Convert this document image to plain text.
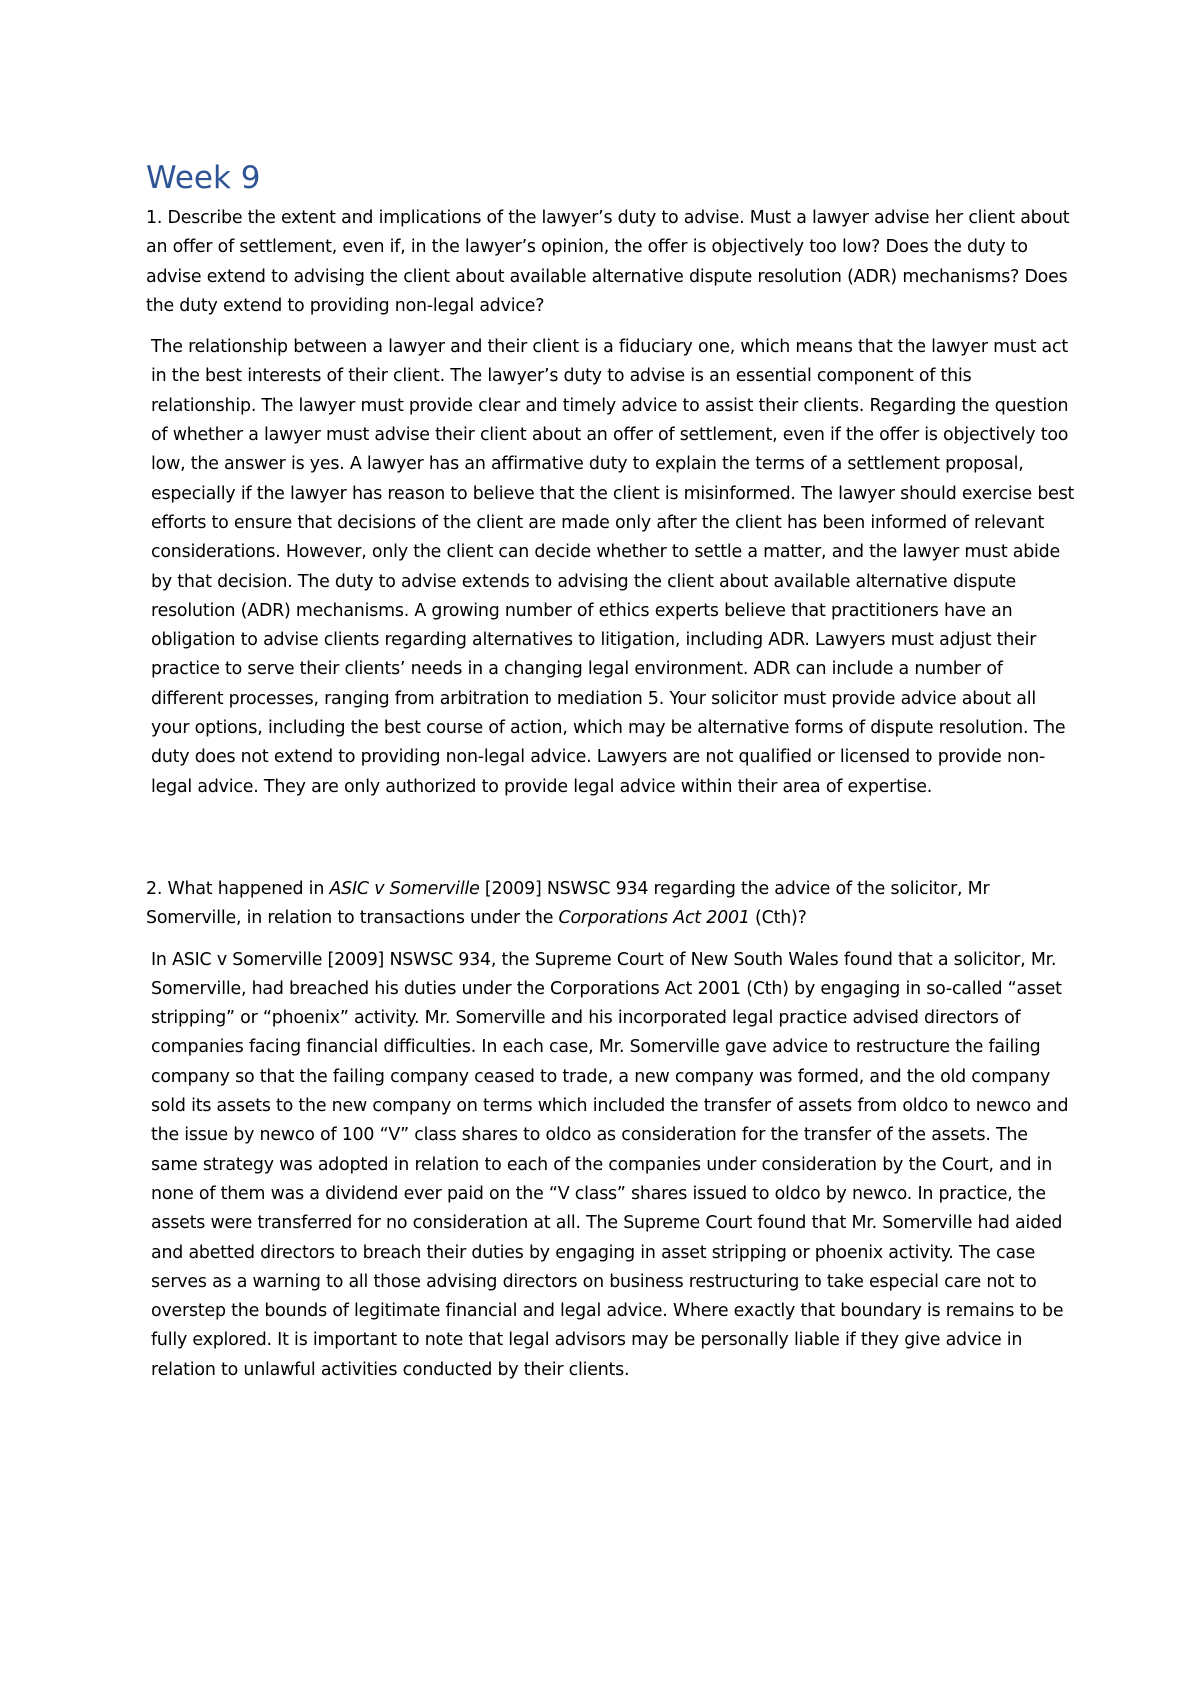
Week 9

1. Describe the extent and implications of the lawyer’s duty to advise. Must a lawyer advise her client about an offer of settlement, even if, in the lawyer’s opinion, the offer is objectively too low? Does the duty to advise extend to advising the client about available alternative dispute resolution (ADR) mechanisms? Does the duty extend to providing non-legal advice?

The relationship between a lawyer and their client is a fiduciary one, which means that the lawyer must act in the best interests of their client. The lawyer’s duty to advise is an essential component of this relationship. The lawyer must provide clear and timely advice to assist their clients. Regarding the question of whether a lawyer must advise their client about an offer of settlement, even if the offer is objectively too low, the answer is yes. A lawyer has an affirmative duty to explain the terms of a settlement proposal, especially if the lawyer has reason to believe that the client is misinformed. The lawyer should exercise best efforts to ensure that decisions of the client are made only after the client has been informed of relevant considerations. However, only the client can decide whether to settle a matter, and the lawyer must abide by that decision. The duty to advise extends to advising the client about available alternative dispute resolution (ADR) mechanisms. A growing number of ethics experts believe that practitioners have an obligation to advise clients regarding alternatives to litigation, including ADR. Lawyers must adjust their practice to serve their clients’ needs in a changing legal environment. ADR can include a number of different processes, ranging from arbitration to mediation 5. Your solicitor must provide advice about all your options, including the best course of action, which may be alternative forms of dispute resolution. The duty does not extend to providing non-legal advice. Lawyers are not qualified or licensed to provide non-legal advice. They are only authorized to provide legal advice within their area of expertise.

2. What happened in ASIC v Somerville [2009] NSWSC 934 regarding the advice of the solicitor, Mr Somerville, in relation to transactions under the Corporations Act 2001 (Cth)?

In ASIC v Somerville [2009] NSWSC 934, the Supreme Court of New South Wales found that a solicitor, Mr. Somerville, had breached his duties under the Corporations Act 2001 (Cth) by engaging in so-called “asset stripping” or “phoenix” activity. Mr. Somerville and his incorporated legal practice advised directors of companies facing financial difficulties. In each case, Mr. Somerville gave advice to restructure the failing company so that the failing company ceased to trade, a new company was formed, and the old company sold its assets to the new company on terms which included the transfer of assets from oldco to newco and the issue by newco of 100 “V” class shares to oldco as consideration for the transfer of the assets. The same strategy was adopted in relation to each of the companies under consideration by the Court, and in none of them was a dividend ever paid on the “V class” shares issued to oldco by newco. In practice, the assets were transferred for no consideration at all. The Supreme Court found that Mr. Somerville had aided and abetted directors to breach their duties by engaging in asset stripping or phoenix activity. The case serves as a warning to all those advising directors on business restructuring to take especial care not to overstep the bounds of legitimate financial and legal advice. Where exactly that boundary is remains to be fully explored. It is important to note that legal advisors may be personally liable if they give advice in relation to unlawful activities conducted by their clients.
